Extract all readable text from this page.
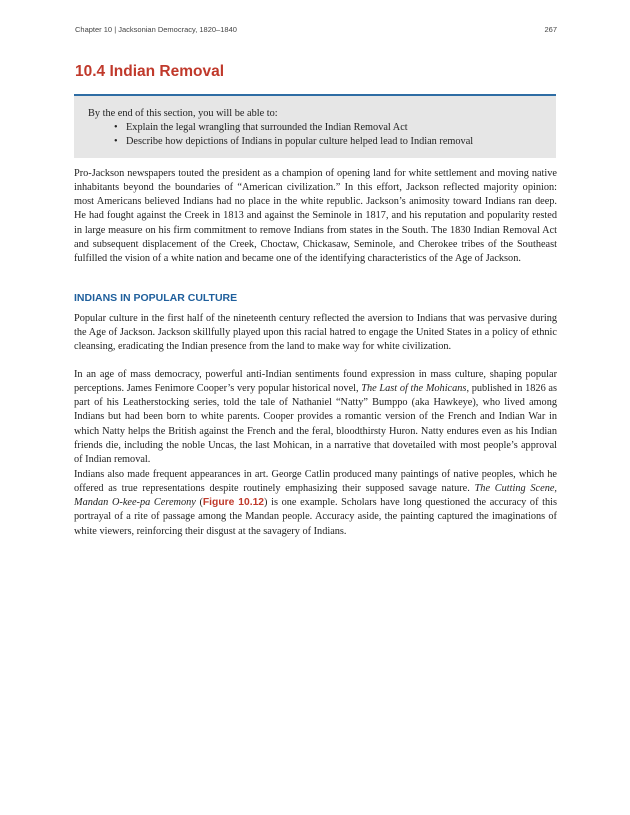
Chapter 10 | Jacksonian Democracy, 1820–1840	267
10.4 Indian Removal

By the end of this section, you will be able to:

• Explain the legal wrangling that surrounded the Indian Removal Act
• Describe how depictions of Indians in popular culture helped lead to Indian removal

Pro-Jackson newspapers touted the president as a champion of opening land for white settlement and moving native inhabitants beyond the boundaries of “American civilization.” In this effort, Jackson reflected majority opinion: most Americans believed Indians had no place in the white republic. Jackson’s animosity toward Indians ran deep. He had fought against the Creek in 1813 and against the Seminole in 1817, and his reputation and popularity rested in large measure on his firm commitment to remove Indians from states in the South. The 1830 Indian Removal Act and subsequent displacement of the Creek, Choctaw, Chickasaw, Seminole, and Cherokee tribes of the Southeast fulfilled the vision of a white nation and became one of the identifying characteristics of the Age of Jackson.

INDIANS IN POPULAR CULTURE

Popular culture in the first half of the nineteenth century reflected the aversion to Indians that was pervasive during the Age of Jackson. Jackson skillfully played upon this racial hatred to engage the United States in a policy of ethnic cleansing, eradicating the Indian presence from the land to make way for white civilization.

In an age of mass democracy, powerful anti-Indian sentiments found expression in mass culture, shaping popular perceptions. James Fenimore Cooper’s very popular historical novel, The Last of the Mohicans, published in 1826 as part of his Leatherstocking series, told the tale of Nathaniel “Natty” Bumppo (aka Hawkeye), who lived among Indians but had been born to white parents. Cooper provides a romantic version of the French and Indian War in which Natty helps the British against the French and the feral, bloodthirsty Huron. Natty endures even as his Indian friends die, including the noble Uncas, the last Mohican, in a narrative that dovetailed with most people’s approval of Indian removal.

Indians also made frequent appearances in art. George Catlin produced many paintings of native peoples, which he offered as true representations despite routinely emphasizing their supposed savage nature. The Cutting Scene, Mandan O-kee-pa Ceremony (Figure 10.12) is one example. Scholars have long questioned the accuracy of this portrayal of a rite of passage among the Mandan people. Accuracy aside, the painting captured the imaginations of white viewers, reinforcing their disgust at the savagery of Indians.
